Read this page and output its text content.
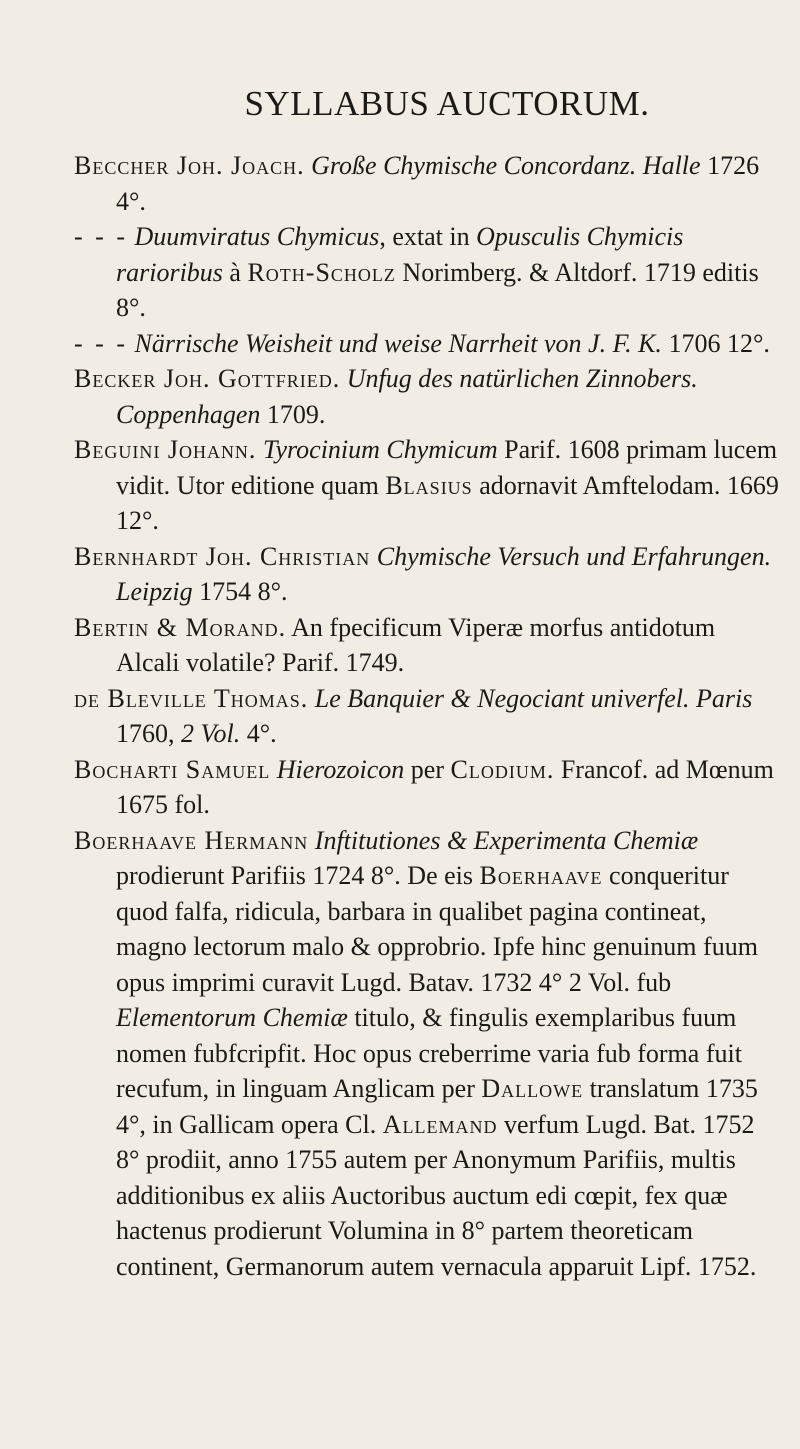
SYLLABUS AUCTORUM.

Beccher Joh. Joach. Große Chymische Concordanz. Halle 1726 4°.

- - - Duumviratus Chymicus, extat in Opusculis Chymicis rarioribus à Roth-Scholz Norimberg. & Altdorf. 1719 editis 8°.

- - - Närrische Weisheit und weise Narrheit von J. F. K. 1706 12°.

Becker Joh. Gottfried. Unfug des natürlichen Zinnobers. Coppenhagen 1709.

Beguini Johann. Tyrocinium Chymicum Parif. 1608 primam lucem vidit. Utor editione quam Blasius adornavit Amftelodam. 1669 12°.

Bernhardt Joh. Christian Chymische Versuch und Erfahrungen. Leipzig 1754 8°.

Bertin & Morand. An fpecificum Viperæ morfus antidotum Alcali volatile? Parif. 1749.

de Bleville Thomas. Le Banquier & Negociant univerfel. Paris 1760, 2 Vol. 4°.

Bocharti Samuel Hierozoicon per Clodium. Francof. ad Mœnum 1675 fol.

Boerhaave Hermann Inftitutiones & Experimenta Chemiæ prodierunt Parifiis 1724 8°. De eis Boerhaave conqueritur quod falfa, ridicula, barbara in qualibet pagina contineat, magno lectorum malo & opprobrio. Ipfe hinc genuinum fuum opus imprimi curavit Lugd. Batav. 1732 4° 2 Vol. fub Elementorum Chemiæ titulo, & fingulis exemplaribus fuum nomen fubfcripfit. Hoc opus creberrime varia fub forma fuit recufum, in linguam Anglicam per Dallowe translatum 1735 4°, in Gallicam opera Cl. Allemand verfum Lugd. Bat. 1752 8° prodiit, anno 1755 autem per Anonymum Parifiis, multis additionibus ex aliis Auctoribus auctum edi cœpit, fex quæ hactenus prodierunt Volumina in 8° partem theoreticam continent, Germanorum autem vernacula apparuit Lipf. 1752.
